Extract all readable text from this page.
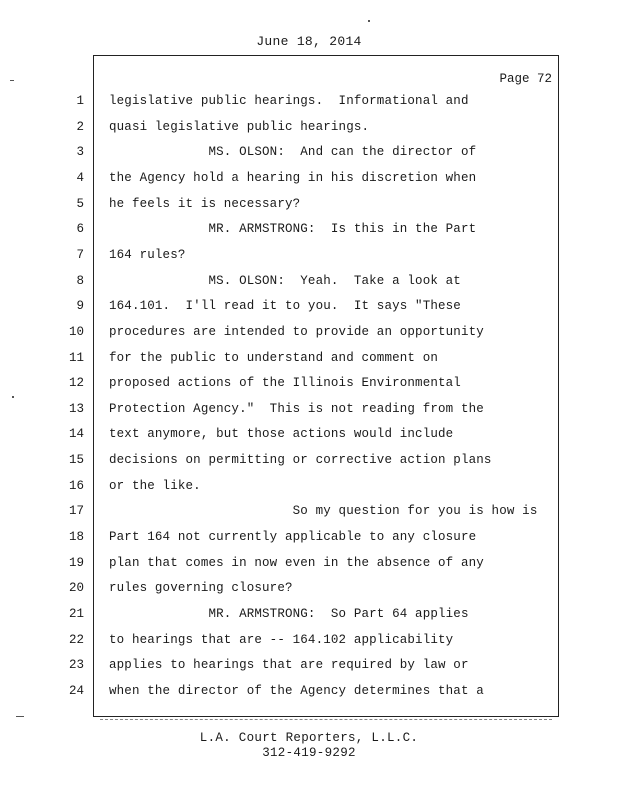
June 18, 2014
Page 72
1 legislative public hearings.  Informational and
2 quasi legislative public hearings.
3 MS. OLSON:  And can the director of
4 the Agency hold a hearing in his discretion when
5 he feels it is necessary?
6 MR. ARMSTRONG:  Is this in the Part
7 164 rules?
8 MS. OLSON:  Yeah.  Take a look at
9 164.101.  I'll read it to you.  It says "These
10 procedures are intended to provide an opportunity
11 for the public to understand and comment on
12 proposed actions of the Illinois Environmental
13 Protection Agency."  This is not reading from the
14 text anymore, but those actions would include
15 decisions on permitting or corrective action plans
16 or the like.
17 So my question for you is how is
18 Part 164 not currently applicable to any closure
19 plan that comes in now even in the absence of any
20 rules governing closure?
21 MR. ARMSTRONG:  So Part 64 applies
22 to hearings that are -- 164.102 applicability
23 applies to hearings that are required by law or
24 when the director of the Agency determines that a
L.A. Court Reporters, L.L.C.
312-419-9292
